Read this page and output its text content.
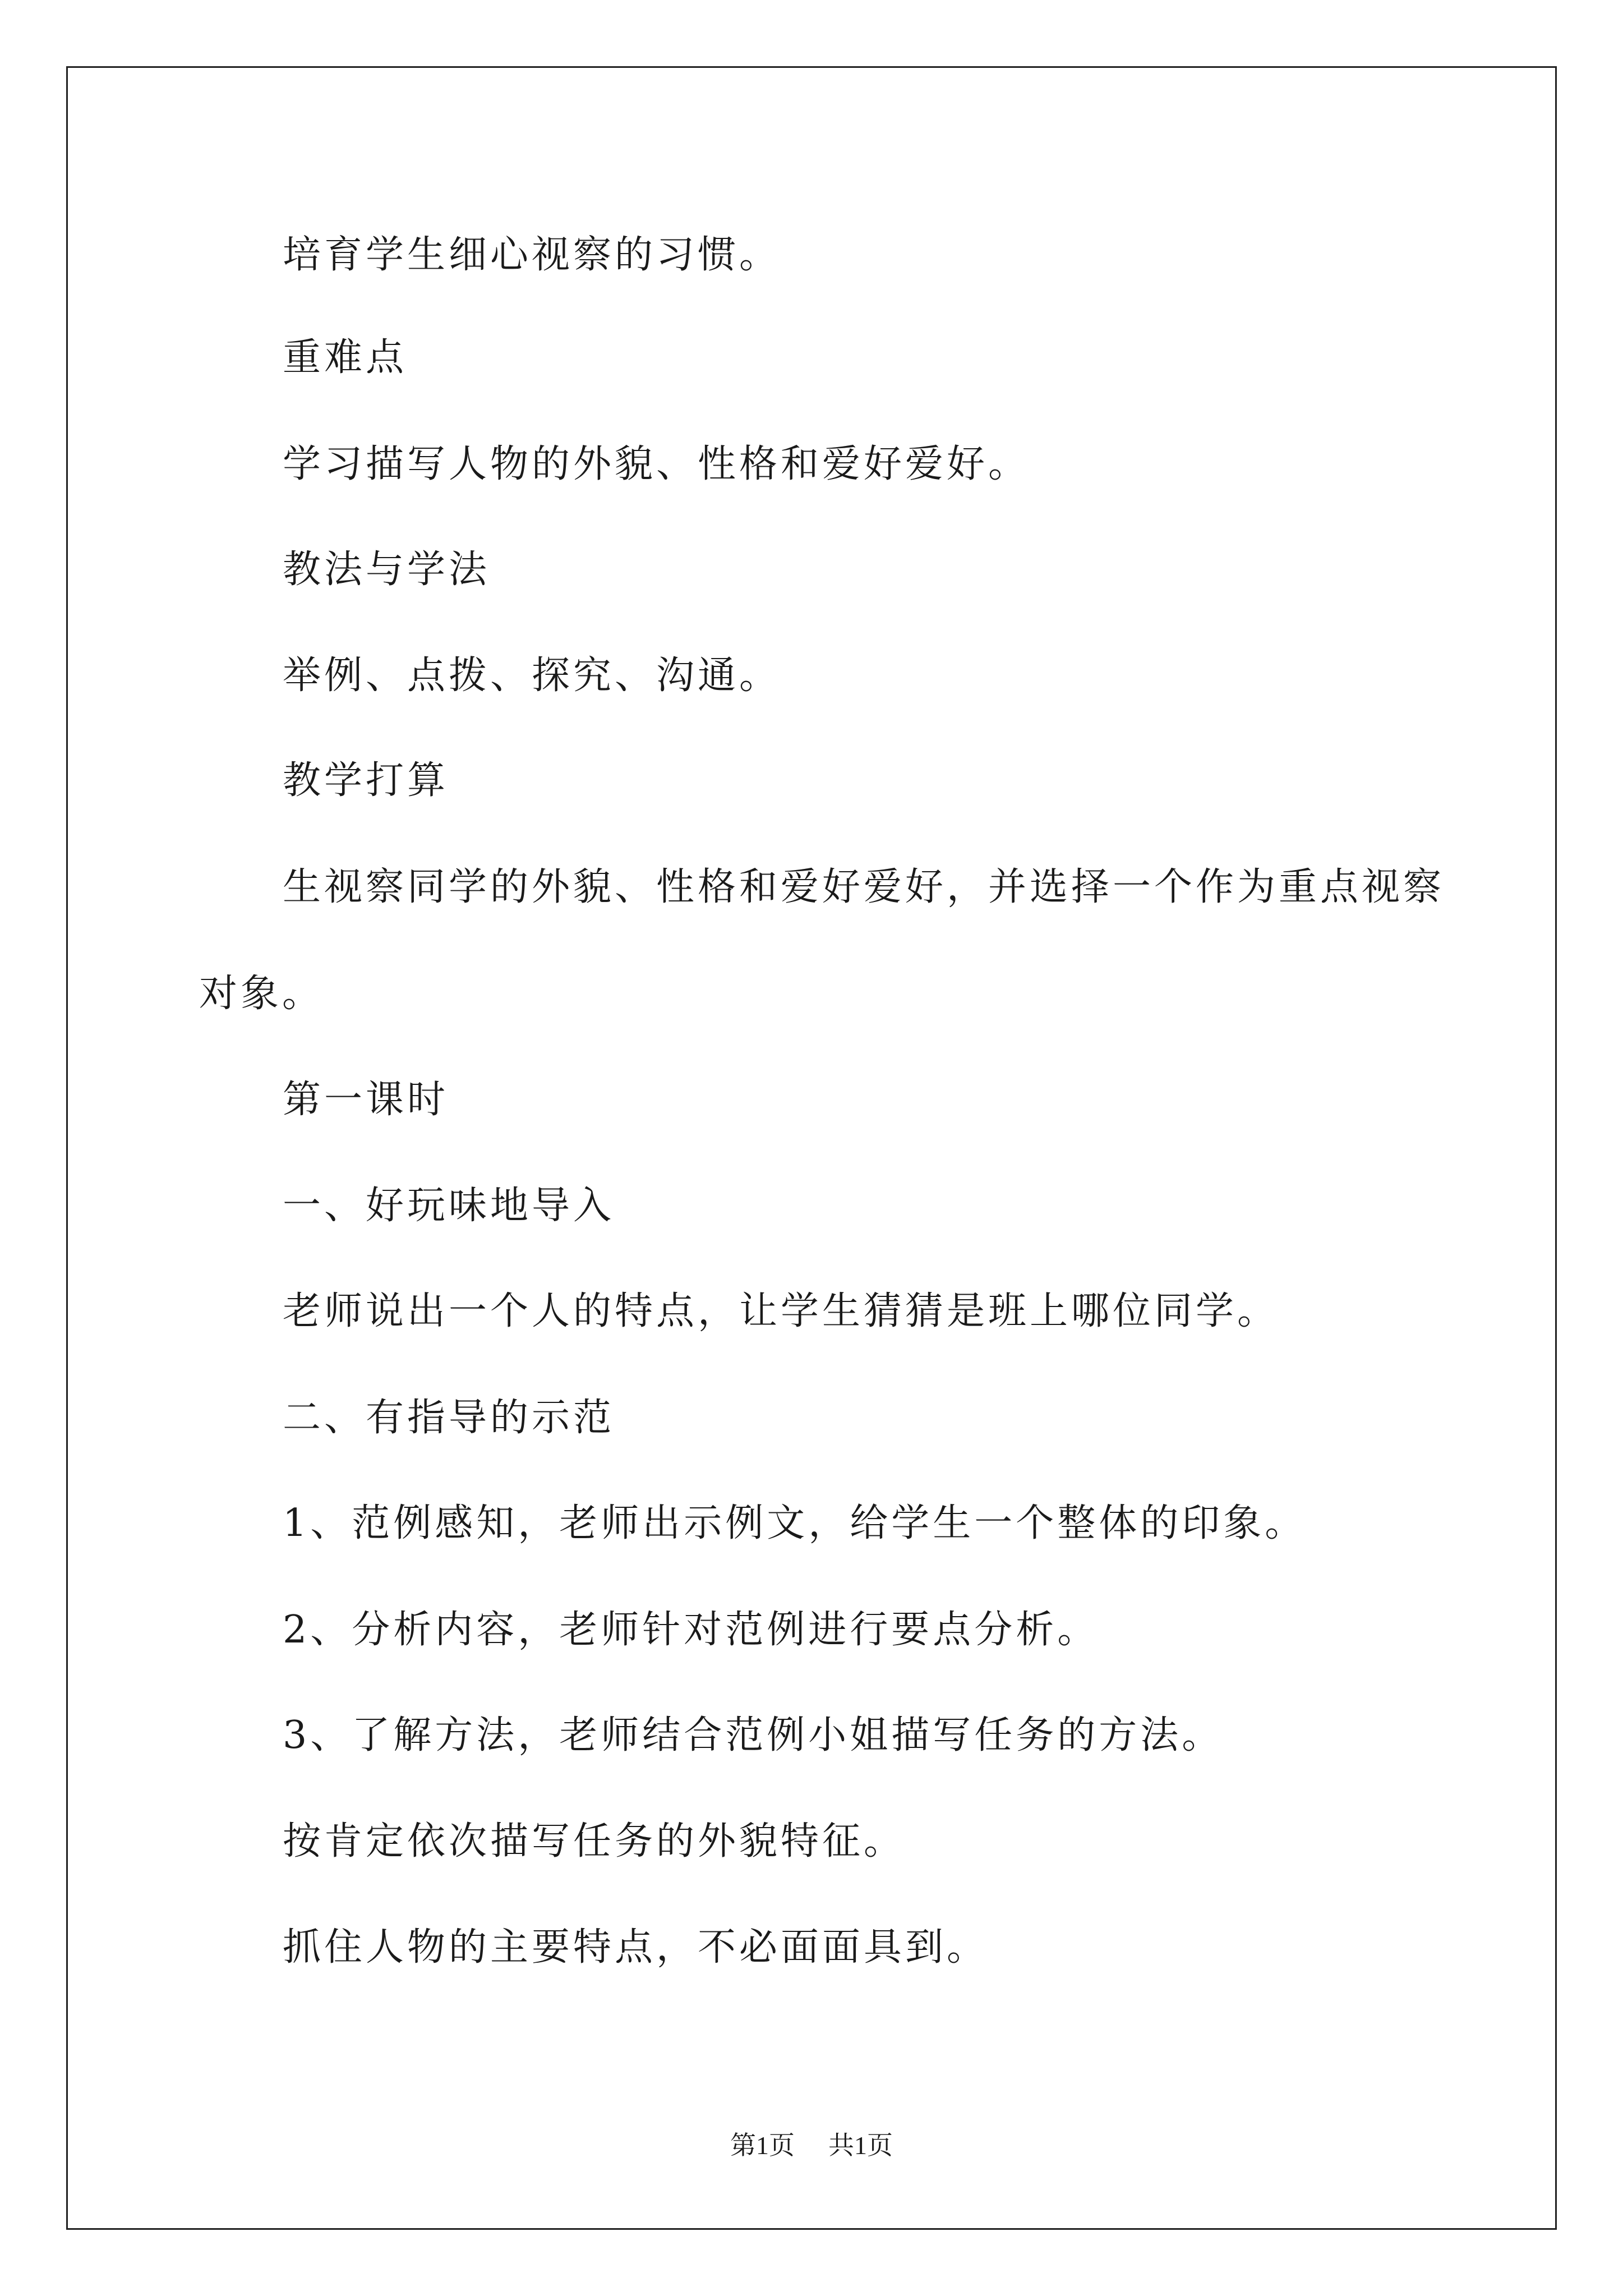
培育学生细心视察的习惯。

重难点

学习描写人物的外貌、性格和爱好爱好。

教法与学法

举例、点拨、探究、沟通。

教学打算

生视察同学的外貌、性格和爱好爱好，并选择一个作为重点视察

对象。

第一课时

一、好玩味地导入

老师说出一个人的特点，让学生猜猜是班上哪位同学。

二、有指导的示范

1、范例感知，老师出示例文，给学生一个整体的印象。

2、分析内容，老师针对范例进行要点分析。

3、了解方法，老师结合范例小姐描写任务的方法。

按肯定依次描写任务的外貌特征。

抓住人物的主要特点，不必面面具到。

第1页 共1页
